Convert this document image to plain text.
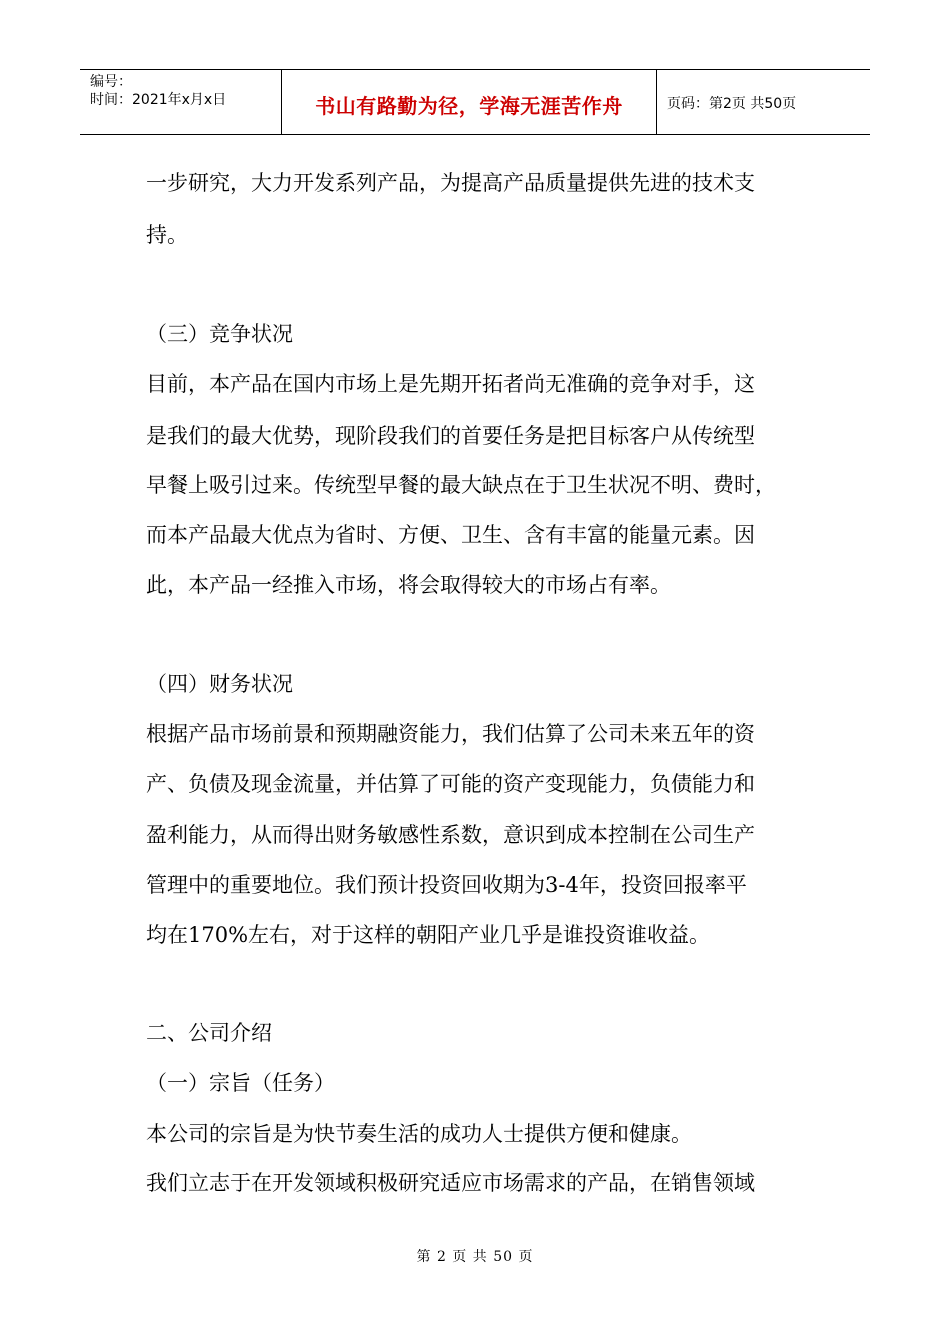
编号：
时间：2021年x月x日	书山有路勤为径，学海无涯苦作舟	页码：第2页 共50页
一步研究，大力开发系列产品，为提高产品质量提供先进的技术支
持。
（三）竞争状况
目前，本产品在国内市场上是先期开拓者尚无准确的竞争对手，这
是我们的最大优势，现阶段我们的首要任务是把目标客户从传统型
早餐上吸引过来。传统型早餐的最大缺点在于卫生状况不明、费时，
而本产品最大优点为省时、方便、卫生、含有丰富的能量元素。因
此，本产品一经推入市场，将会取得较大的市场占有率。
（四）财务状况
根据产品市场前景和预期融资能力，我们估算了公司未来五年的资
产、负债及现金流量，并估算了可能的资产变现能力，负债能力和
盈利能力，从而得出财务敏感性系数，意识到成本控制在公司生产
管理中的重要地位。我们预计投资回收期为3-4年，投资回报率平
均在170%左右，对于这样的朝阳产业几乎是谁投资谁收益。
二、公司介绍
（一）宗旨（任务）
本公司的宗旨是为快节奏生活的成功人士提供方便和健康。
我们立志于在开发领域积极研究适应市场需求的产品，在销售领域
第 2 页 共 50 页
